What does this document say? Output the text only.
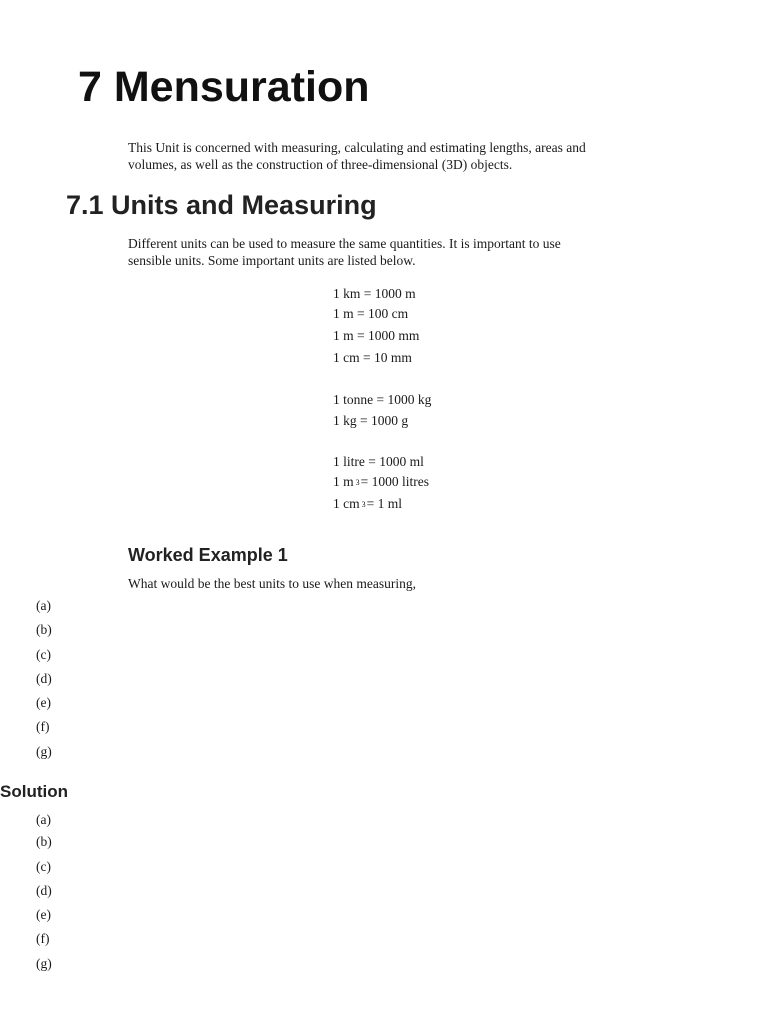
7 Mensuration
This Unit is concerned with measuring, calculating and estimating lengths, areas and
volumes, as well as the construction of three-dimensional (3D) objects.
7.1 Units and Measuring
Different units can be used to measure the same quantities. It is important to use
sensible units. Some important units are listed below.
1 km = 1000 m
1 m = 100 cm
1 m = 1000 mm
1 cm = 10 mm
1 tonne = 1000 kg
1 kg = 1000 g
1 litre = 1000 ml
1 m $^3$= 1000 litres
1 cm $^3$= 1 ml
Worked Example 1

What would be the best units to use when measuring,

(a)
(b)
(c)
(d)
(e)
(f)
(g)
Solution
(a)
(b)
(c)
(d)
(e)
(f)
(g)
